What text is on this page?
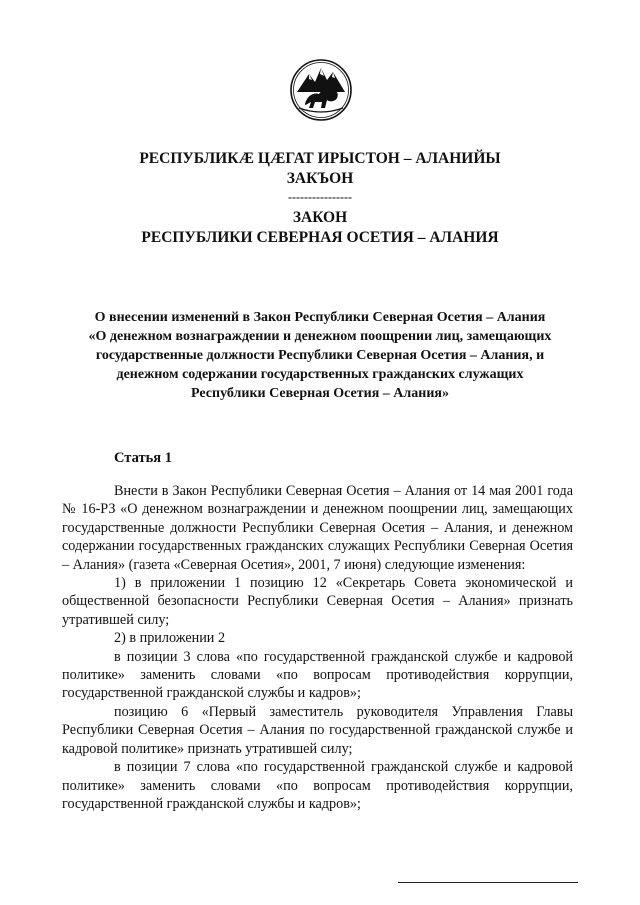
РЕСПУБЛИКÆ ЦÆГАТ ИРЫСТОН – АЛАНИЙЫ
ЗАКЪОН
----------------
ЗАКОН
РЕСПУБЛИКИ СЕВЕРНАЯ ОСЕТИЯ – АЛАНИЯ
О внесении изменений в Закон Республики Северная Осетия – Алания
«О денежном вознаграждении и денежном поощрении лиц, замещающих
государственные должности Республики Северная Осетия – Алания, и
денежном содержании государственных гражданских служащих
Республики Северная Осетия – Алания»
Статья 1

Внести в Закон Республики Северная Осетия – Алания от 14 мая 2001 года № 16-РЗ «О денежном вознаграждении и денежном поощрении лиц, замещающих государственные должности Республики Северная Осетия – Алания, и денежном содержании государственных гражданских служащих Республики Северная Осетия – Алания» (газета «Северная Осетия», 2001, 7 июня) следующие изменения:

1) в приложении 1 позицию 12 «Секретарь Совета экономической и общественной безопасности Республики Северная Осетия – Алания» признать утратившей силу;

2) в приложении 2

в позиции 3 слова «по государственной гражданской службе и кадровой политике» заменить словами «по вопросам противодействия коррупции, государственной гражданской службы и кадров»;

позицию 6 «Первый заместитель руководителя Управления Главы Республики Северная Осетия – Алания по государственной гражданской службе и кадровой политике» признать утратившей силу;

в позиции 7 слова «по государственной гражданской службе и кадровой политике» заменить словами «по вопросам противодействия коррупции, государственной гражданской службы и кадров»;
